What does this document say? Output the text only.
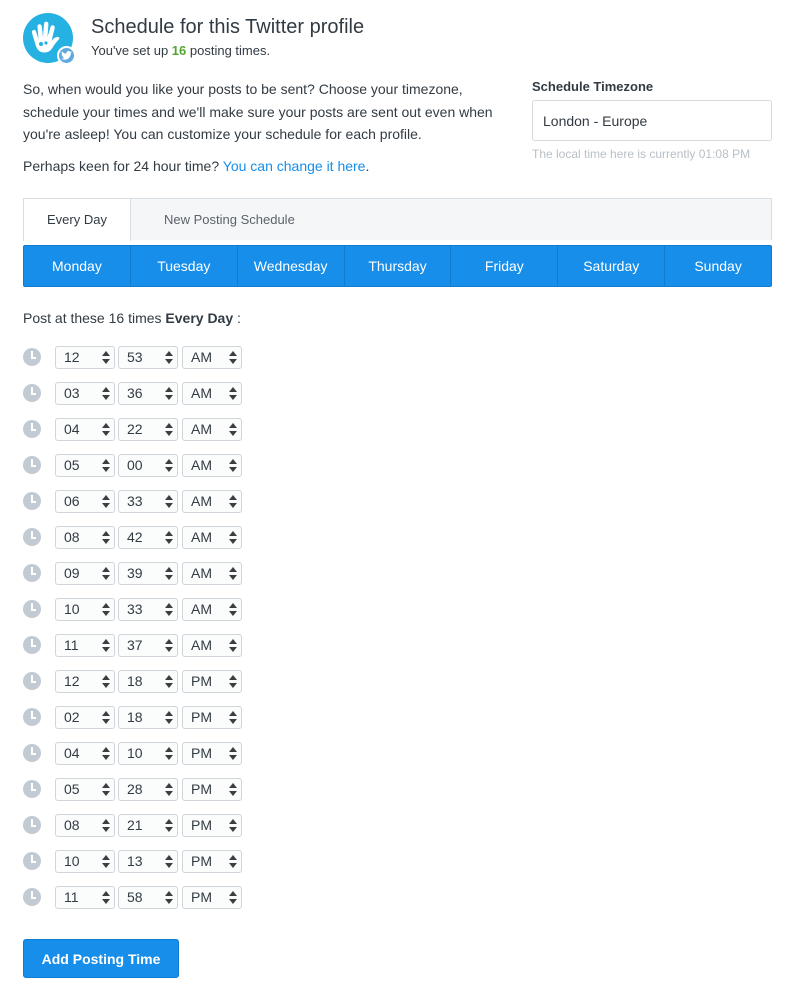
Schedule for this Twitter profile
You've set up 16 posting times.

So, when would you like your posts to be sent? Choose your timezone, schedule your times and we'll make sure your posts are sent out even when you're asleep! You can customize your schedule for each profile.

Perhaps keen for 24 hour time? You can change it here.

Schedule Timezone
London - Europe
The local time here is currently 01:08 PM
Every Day	New Posting Schedule
Monday	Tuesday	Wednesday	Thursday	Friday	Saturday	Sunday

Post at these 16 times Every Day :

12	53	AM
03	36	AM
04	22	AM
05	00	AM
06	33	AM
08	42	AM
09	39	AM
10	33	AM
11	37	AM
12	18	PM
02	18	PM
04	10	PM
05	28	PM
08	21	PM
10	13	PM
11	58	PM
Add Posting Time
